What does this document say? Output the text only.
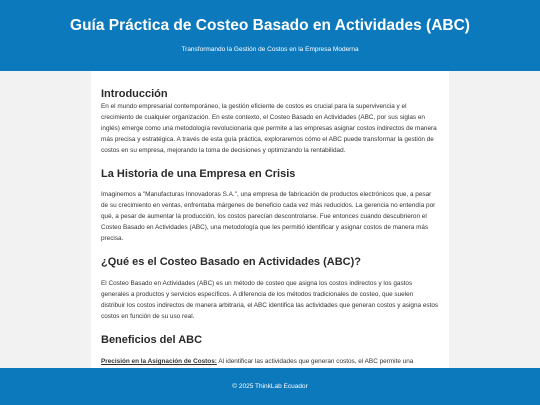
Guía Práctica de Costeo Basado en Actividades (ABC)
Transformando la Gestión de Costos en la Empresa Moderna
Introducción

En el mundo empresarial contemporáneo, la gestión eficiente de costos es crucial para la supervivencia y el crecimiento de cualquier organización. En este contexto, el Costeo Basado en Actividades (ABC, por sus siglas en inglés) emerge como una metodología revolucionaria que permite a las empresas asignar costos indirectos de manera más precisa y estratégica. A través de esta guía práctica, exploraremos cómo el ABC puede transformar la gestión de costos en su empresa, mejorando la toma de decisiones y optimizando la rentabilidad.

La Historia de una Empresa en Crisis

Imaginemos a "Manufacturas Innovadoras S.A.", una empresa de fabricación de productos electrónicos que, a pesar de su crecimiento en ventas, enfrentaba márgenes de beneficio cada vez más reducidos. La gerencia no entendía por qué, a pesar de aumentar la producción, los costos parecían descontrolarse. Fue entonces cuando descubrieron el Costeo Basado en Actividades (ABC), una metodología que les permitió identificar y asignar costos de manera más precisa.

¿Qué es el Costeo Basado en Actividades (ABC)?

El Costeo Basado en Actividades (ABC) es un método de costeo que asigna los costos indirectos y los gastos generales a productos y servicios específicos. A diferencia de los métodos tradicionales de costeo, que suelen distribuir los costos indirectos de manera arbitraria, el ABC identifica las actividades que generan costos y asigna estos costos en función de su uso real.

Beneficios del ABC

Precisión en la Asignación de Costos: Al identificar las actividades que generan costos, el ABC permite una

© 2025 ThinkLab Ecuador
